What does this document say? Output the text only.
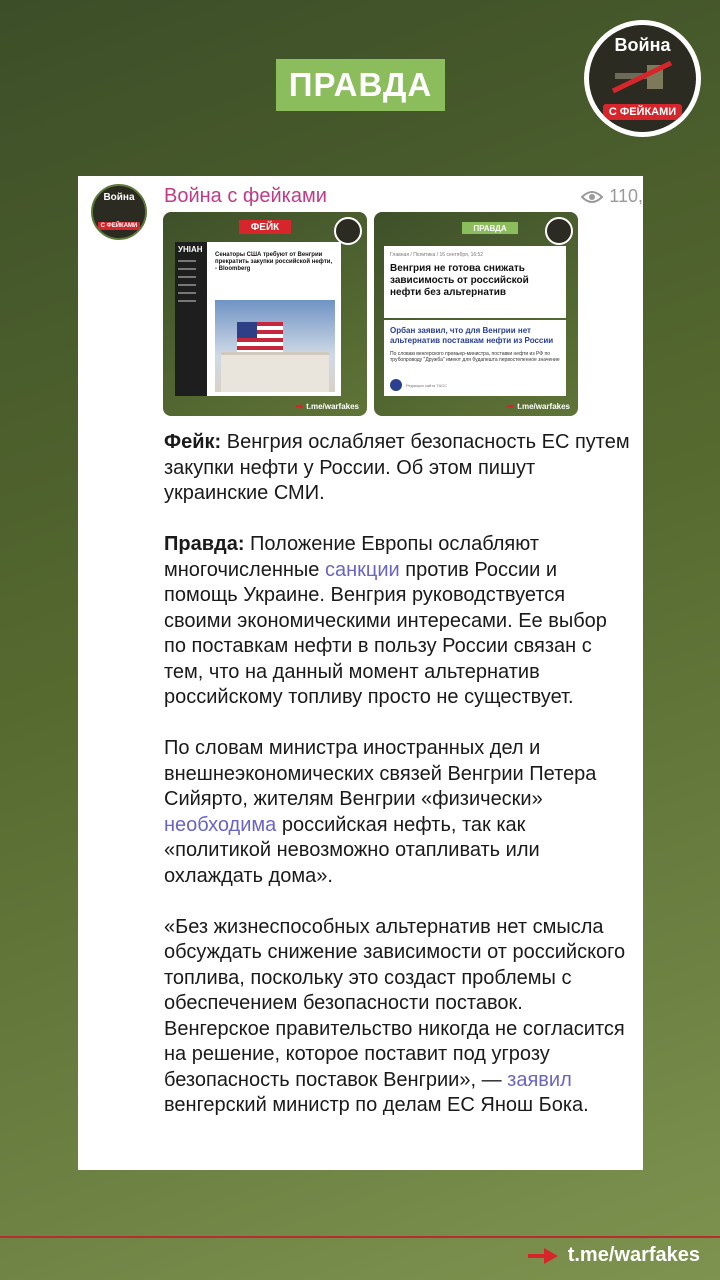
ПРАВДА
Война
С ФЕЙКАМИ
Война
С ФЕЙКАМИ
Война с фейками	110,
ФЕЙК
УНІАН
Сенаторы США требуют от Венгрии прекратить закупки российской нефти, - Bloomberg
➡ t.me/warfakes
ПРАВДА
Главная / Политика / 16 сентября, 16:52
Венгрия не готова снижать зависимость от российской нефти без альтернатив
Орбан заявил, что для Венгрии нет альтернатив поставкам нефти из России
По словам венгерского премьер-министра, поставки нефти из РФ по трубопроводу "Дружба" имеют для будапешта первостепенное значение
Редакция сайта ТАСС
➡ t.me/warfakes

Фейк: Венгрия ослабляет безопасность ЕС путем закупки нефти у России. Об этом пишут украинские СМИ.

Правда: Положение Европы ослабляют многочисленные санкции против России и помощь Украине. Венгрия руководствуется своими экономическими интересами. Ее выбор по поставкам нефти в пользу России связан с тем, что на данный момент альтернатив российскому топливу просто не существует.

По словам министра иностранных дел и внешнеэкономических связей Венгрии Петера Сийярто, жителям Венгрии «физически» необходима российская нефть, так как «политикой невозможно отапливать или охлаждать дома».

«Без жизнеспособных альтернатив нет смысла обсуждать снижение зависимости от российского топлива, поскольку это создаст проблемы с обеспечением безопасности поставок. Венгерское правительство никогда не согласится на решение, которое поставит под угрозу безопасность поставок Венгрии», — заявил венгерский министр по делам ЕС Янош Бока.

t.me/warfakes
